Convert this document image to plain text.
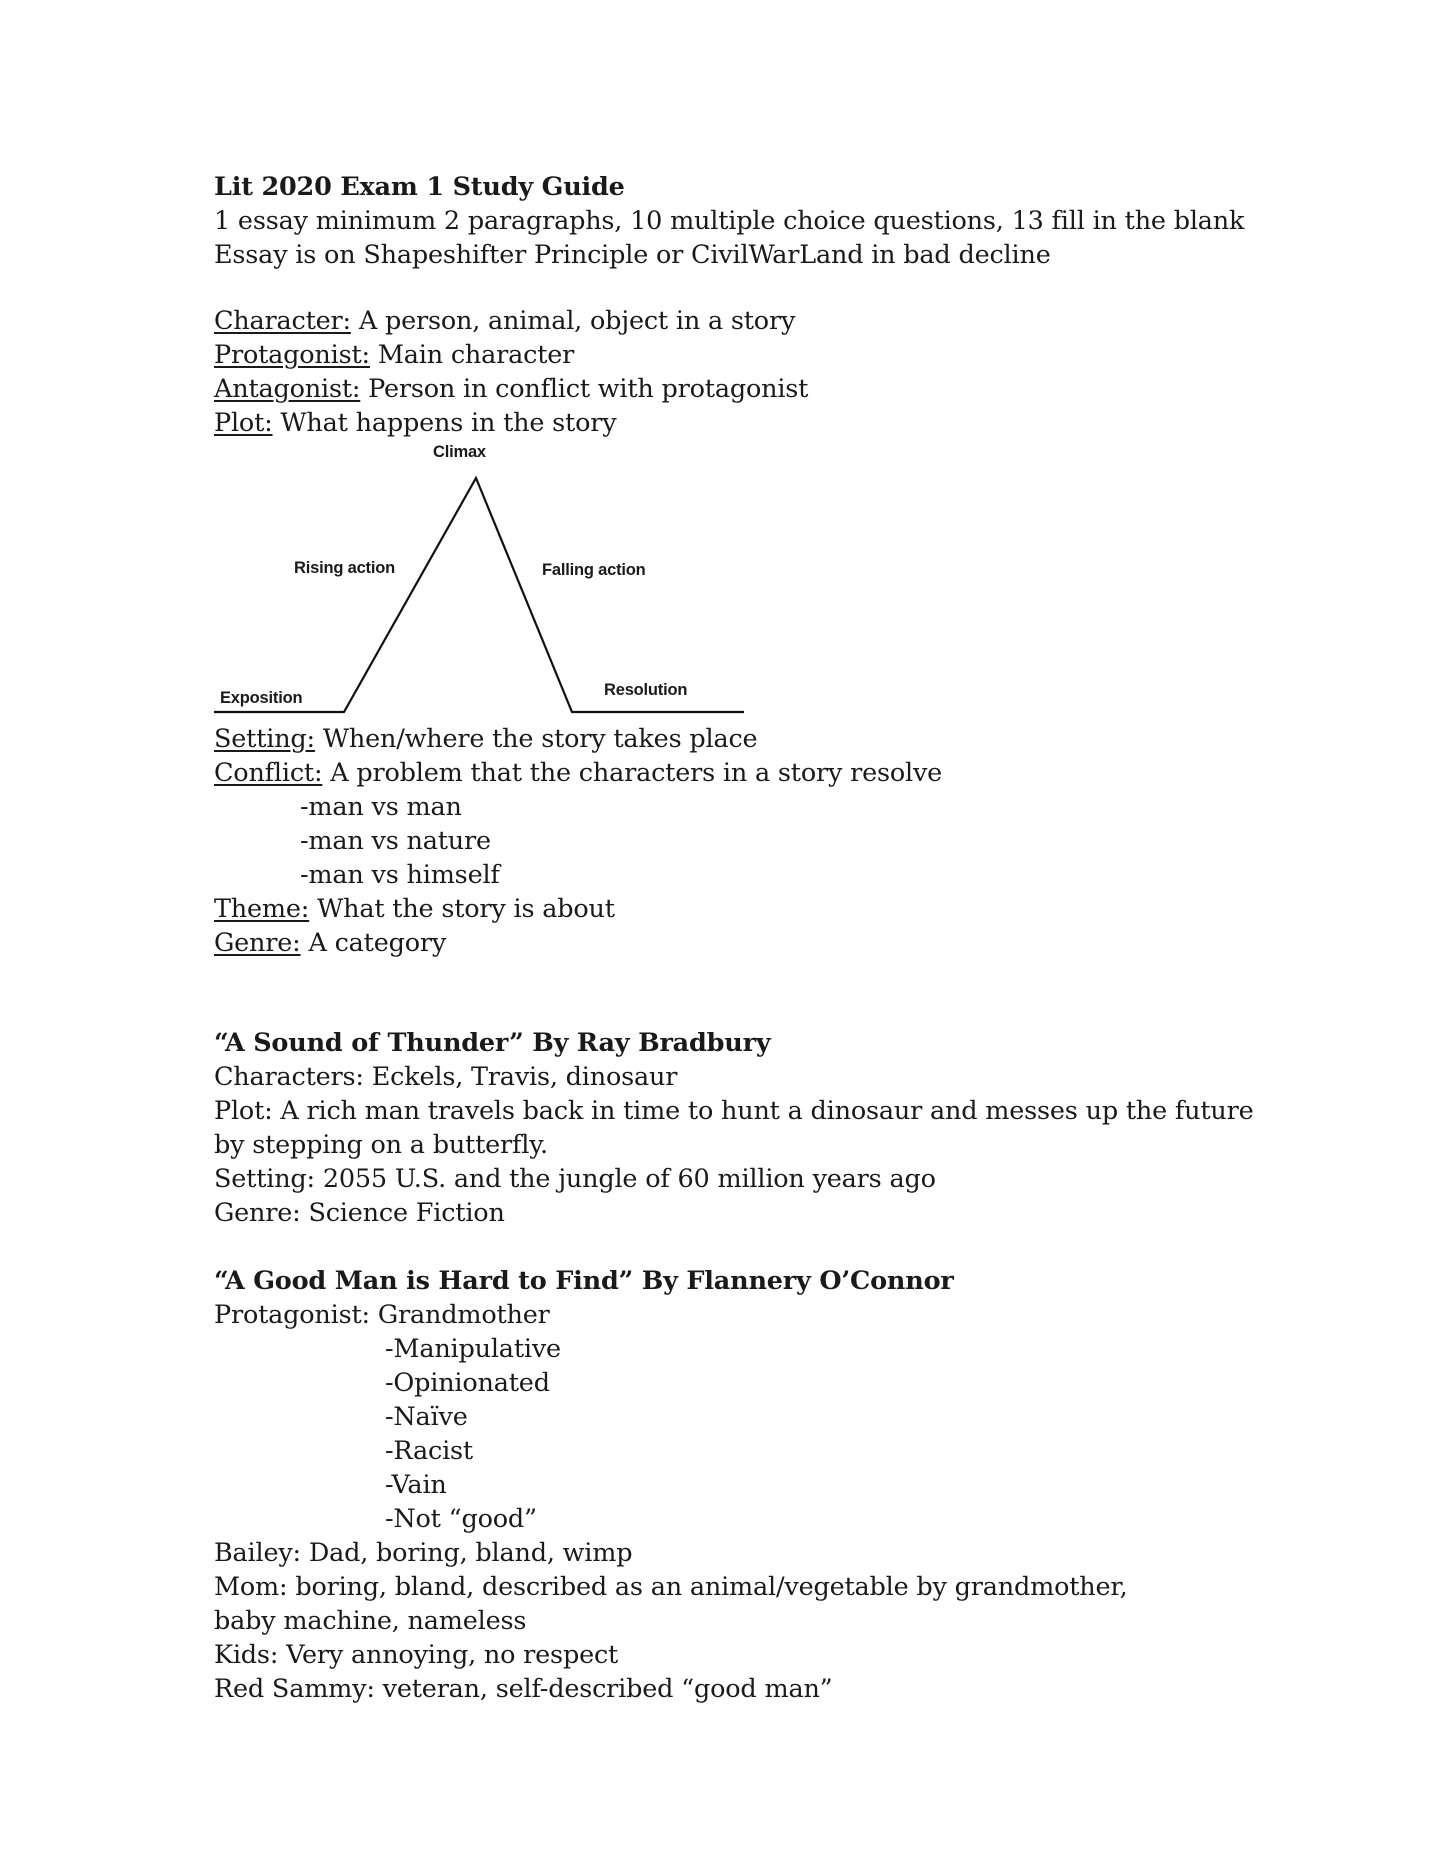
Lit 2020 Exam 1 Study Guide
1 essay minimum 2 paragraphs, 10 multiple choice questions, 13 fill in the blank
Essay is on Shapeshifter Principle or CivilWarLand in bad decline
Character: A person, animal, object in a story
Protagonist: Main character
Antagonist: Person in conflict with protagonist
Plot: What happens in the story
Climax
Rising action	Falling action
Exposition	Resolution
Setting: When/where the story takes place
Conflict: A problem that the characters in a story resolve
-man vs man
-man vs nature
-man vs himself
Theme: What the story is about
Genre: A category
“A Sound of Thunder” By Ray Bradbury
Characters: Eckels, Travis, dinosaur
Plot: A rich man travels back in time to hunt a dinosaur and messes up the future by stepping on a butterfly.
Setting: 2055 U.S. and the jungle of 60 million years ago
Genre: Science Fiction
“A Good Man is Hard to Find” By Flannery O’Connor
Protagonist: Grandmother
-Manipulative
-Opinionated
-Naïve
-Racist
-Vain
-Not “good”
Bailey: Dad, boring, bland, wimp
Mom: boring, bland, described as an animal/vegetable by grandmother, baby machine, nameless
Kids: Very annoying, no respect
Red Sammy: veteran, self-described “good man”
